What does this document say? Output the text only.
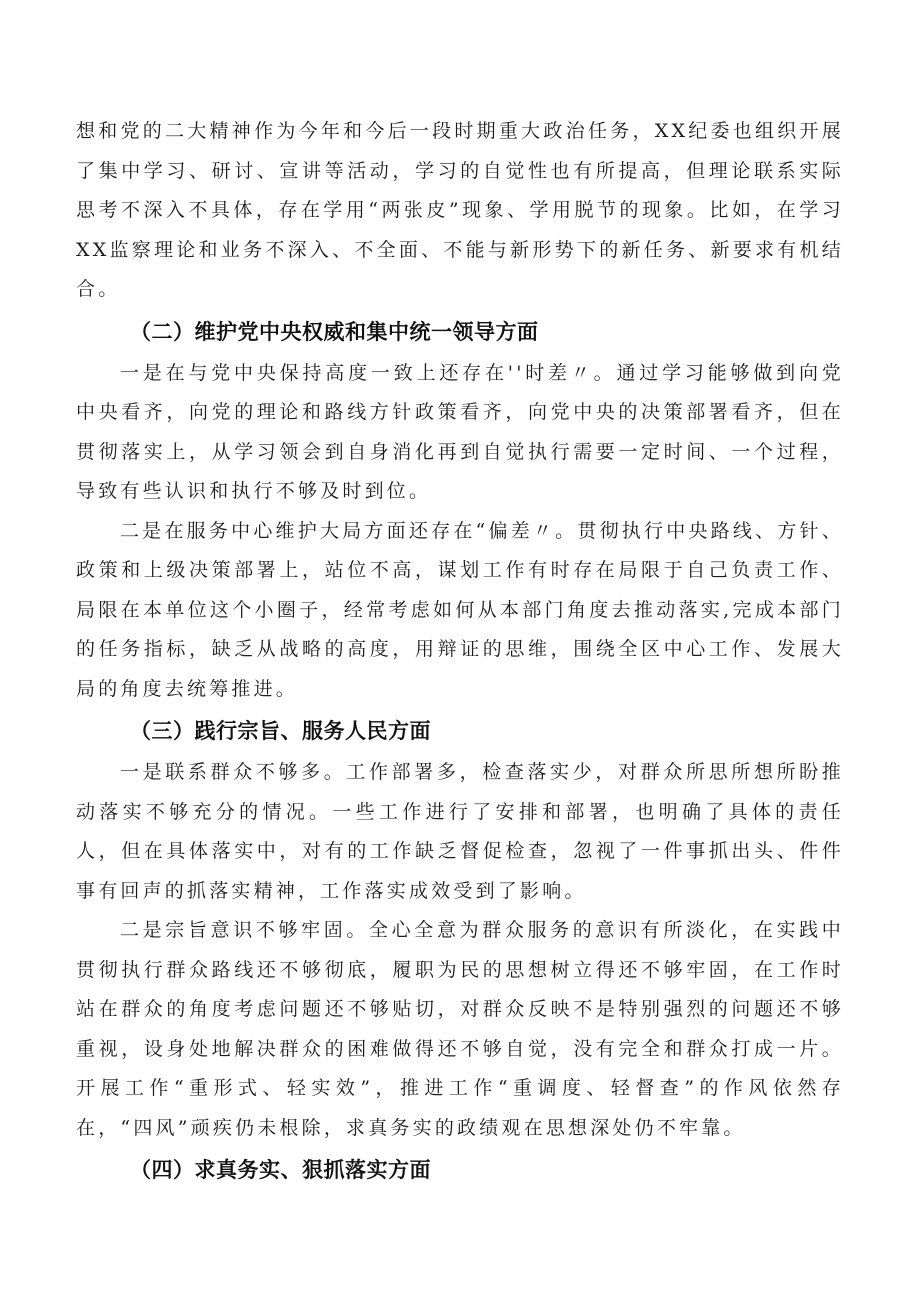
想和党的二大精神作为今年和今后一段时期重大政治任务，XX纪委也组织开展了集中学习、研讨、宣讲等活动，学习的自觉性也有所提高，但理论联系实际思考不深入不具体，存在学用“两张皮”现象、学用脱节的现象。比如，在学习XX监察理论和业务不深入、不全面、不能与新形势下的新任务、新要求有机结合。

（二）维护党中央权威和集中统一领导方面

一是在与党中央保持高度一致上还存在''时差〃。通过学习能够做到向党中央看齐，向党的理论和路线方针政策看齐，向党中央的决策部署看齐，但在贯彻落实上，从学习领会到自身消化再到自觉执行需要一定时间、一个过程，导致有些认识和执行不够及时到位。

二是在服务中心维护大局方面还存在“偏差〃。贯彻执行中央路线、方针、政策和上级决策部署上，站位不高，谋划工作有时存在局限于自己负责工作、局限在本单位这个小圈子，经常考虑如何从本部门角度去推动落实,完成本部门的任务指标，缺乏从战略的高度，用辩证的思维，围绕全区中心工作、发展大局的角度去统筹推进。

（三）践行宗旨、服务人民方面

一是联系群众不够多。工作部署多，检查落实少，对群众所思所想所盼推动落实不够充分的情况。一些工作进行了安排和部署，也明确了具体的责任人，但在具体落实中，对有的工作缺乏督促检查，忽视了一件事抓出头、件件事有回声的抓落实精神，工作落实成效受到了影响。

二是宗旨意识不够牢固。全心全意为群众服务的意识有所淡化，在实践中贯彻执行群众路线还不够彻底，履职为民的思想树立得还不够牢固，在工作时站在群众的角度考虑问题还不够贴切，对群众反映不是特别强烈的问题还不够重视，设身处地解决群众的困难做得还不够自觉，没有完全和群众打成一片。开展工作“重形式、轻实效”，推进工作“重调度、轻督查”的作风依然存在，“四风”顽疾仍未根除，求真务实的政绩观在思想深处仍不牢靠。

（四）求真务实、狠抓落实方面
